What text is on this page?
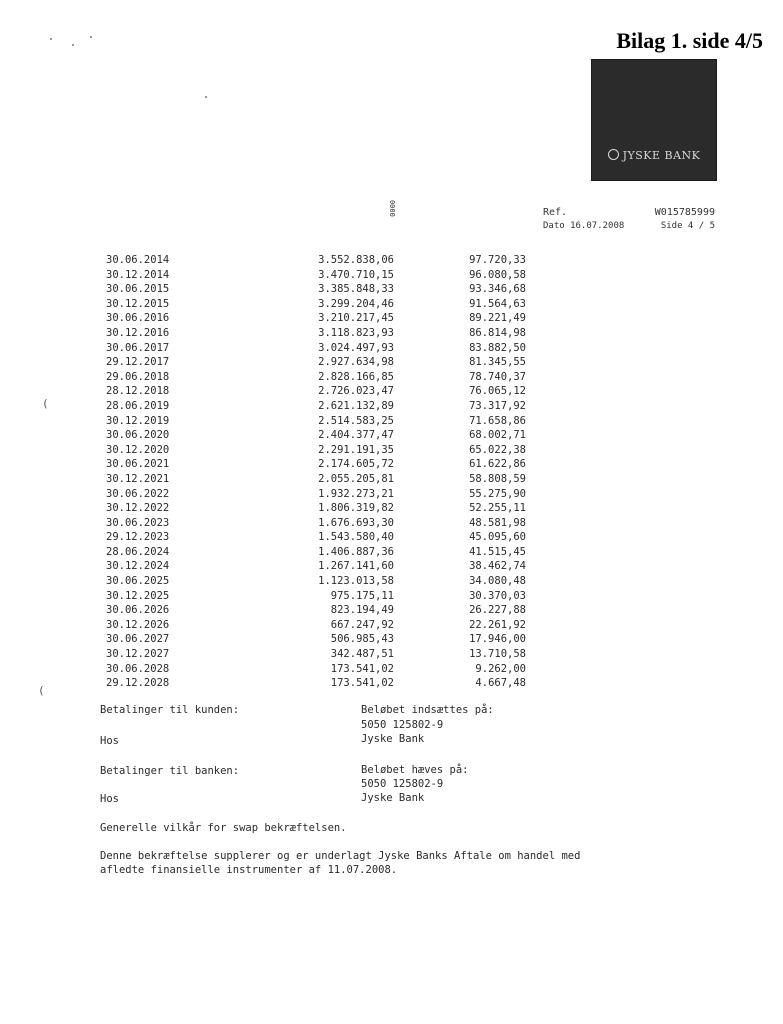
Bilag 1. side 4/5
JYSKE BANK
0000	Ref.	W015785999
Dato 16.07.2008	Side 4 / 5
30.06.2014	3.552.838,06	97.720,33
30.12.2014	3.470.710,15	96.080,58
30.06.2015	3.385.848,33	93.346,68
30.12.2015	3.299.204,46	91.564,63
30.06.2016	3.210.217,45	89.221,49
30.12.2016	3.118.823,93	86.814,98
30.06.2017	3.024.497,93	83.882,50
29.12.2017	2.927.634,98	81.345,55
29.06.2018	2.828.166,85	78.740,37
28.12.2018	2.726.023,47	76.065,12
28.06.2019	2.621.132,89	73.317,92
30.12.2019	2.514.583,25	71.658,86
30.06.2020	2.404.377,47	68.002,71
30.12.2020	2.291.191,35	65.022,38
30.06.2021	2.174.605,72	61.622,86
30.12.2021	2.055.205,81	58.808,59
30.06.2022	1.932.273,21	55.275,90
30.12.2022	1.806.319,82	52.255,11
30.06.2023	1.676.693,30	48.581,98
29.12.2023	1.543.580,40	45.095,60
28.06.2024	1.406.887,36	41.515,45
30.12.2024	1.267.141,60	38.462,74
30.06.2025	1.123.013,58	34.080,48
30.12.2025	975.175,11	30.370,03
30.06.2026	823.194,49	26.227,88
30.12.2026	667.247,92	22.261,92
30.06.2027	506.985,43	17.946,00
30.12.2027	342.487,51	13.710,58
30.06.2028	173.541,02	9.262,00
29.12.2028	173.541,02	4.667,48
(
(
Betalinger til kunden:	Beløbet indsættes på:
5050 125802-9
Hos	Jyske Bank
Betalinger til banken:	Beløbet hæves på:
5050 125802-9
Hos	Jyske Bank
Generelle vilkår for swap bekræftelsen.
Denne bekræftelse supplerer og er underlagt Jyske Banks Aftale om handel med
afledte finansielle instrumenter af 11.07.2008.
